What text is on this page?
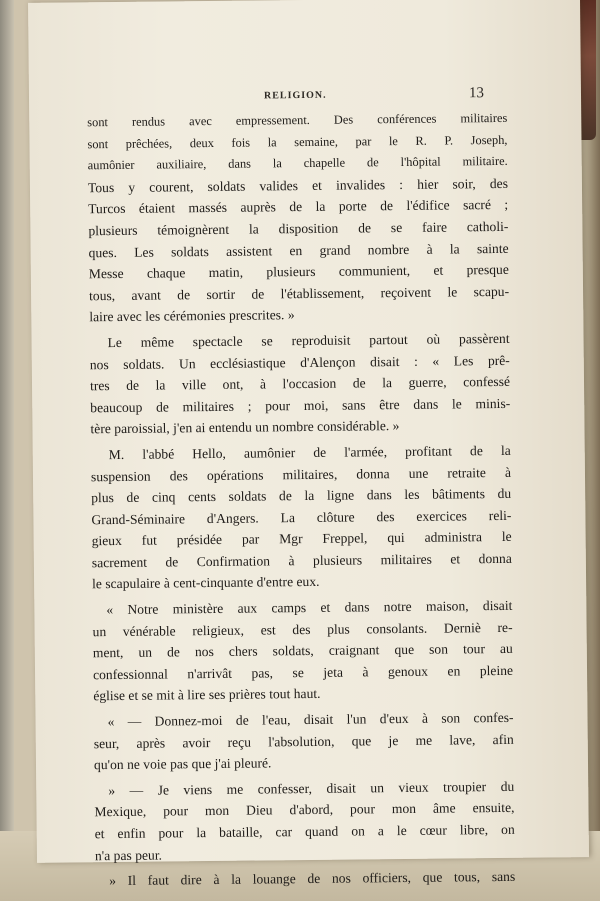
RELIGION.	13
sont rendus avec empressement. Des conférences militaires
sont prêchées, deux fois la semaine, par le R. P. Joseph,
aumônier auxiliaire, dans la chapelle de l'hôpital militaire.
Tous y courent, soldats valides et invalides : hier soir, des
Turcos étaient massés auprès de la porte de l'édifice sacré ;
plusieurs témoignèrent la disposition de se faire catholi-
ques. Les soldats assistent en grand nombre à la sainte
Messe chaque matin, plusieurs communient, et presque
tous, avant de sortir de l'établissement, reçoivent le scapu-
laire avec les cérémonies prescrites. »
Le même spectacle se reproduisit partout où passèrent
nos soldats. Un ecclésiastique d'Alençon disait : « Les prê-
tres de la ville ont, à l'occasion de la guerre, confessé
beaucoup de militaires ; pour moi, sans être dans le minis-
tère paroissial, j'en ai entendu un nombre considérable. »
M. l'abbé Hello, aumônier de l'armée, profitant de la
suspension des opérations militaires, donna une retraite à
plus de cinq cents soldats de la ligne dans les bâtiments du
Grand-Séminaire d'Angers. La clôture des exercices reli-
gieux fut présidée par Mgr Freppel, qui administra le
sacrement de Confirmation à plusieurs militaires et donna
le scapulaire à cent-cinquante d'entre eux.
« Notre ministère aux camps et dans notre maison, disait
un vénérable religieux, est des plus consolants. Derniè re-
ment, un de nos chers soldats, craignant que son tour au
confessionnal n'arrivât pas, se jeta à genoux en pleine
église et se mit à lire ses prières tout haut.
« — Donnez-moi de l'eau, disait l'un d'eux à son confes-
seur, après avoir reçu l'absolution, que je me lave, afin
qu'on ne voie pas que j'ai pleuré.
» — Je viens me confesser, disait un vieux troupier du
Mexique, pour mon Dieu d'abord, pour mon âme ensuite,
et enfin pour la bataille, car quand on a le cœur libre, on
n'a pas peur.
» Il faut dire à la louange de nos officiers, que tous, sans
